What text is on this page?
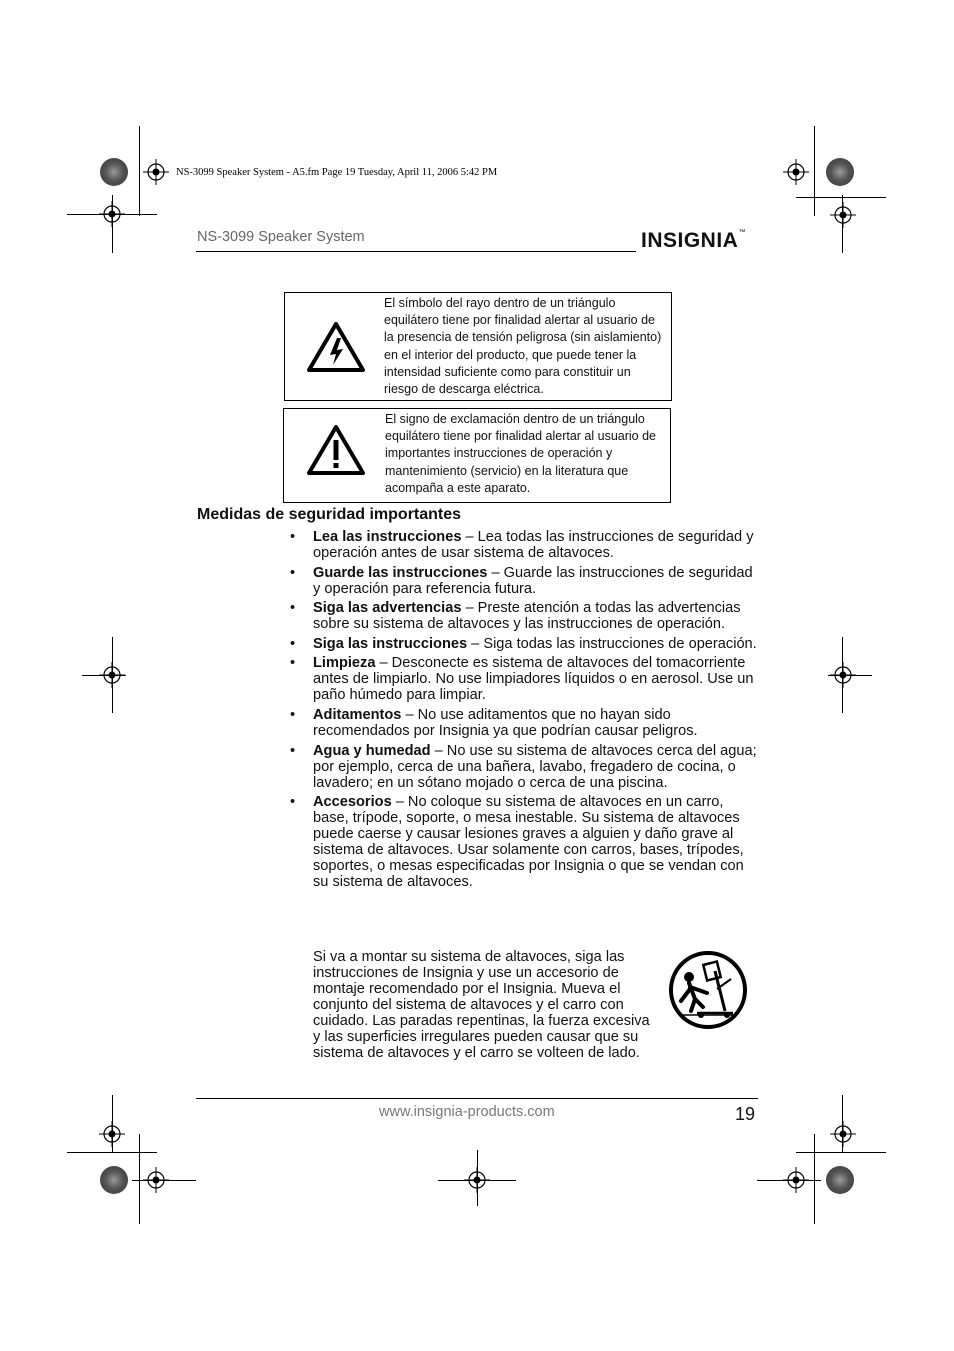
NS-3099 Speaker System - A5.fm Page 19 Tuesday, April 11, 2006 5:42 PM
NS-3099 Speaker System	INSIGNIA™
El símbolo del rayo dentro de un triángulo equilátero tiene por finalidad alertar al usuario de la presencia de tensión peligrosa (sin aislamiento) en el interior del producto, que puede tener la intensidad suficiente como para constituir un riesgo de descarga eléctrica.
El signo de exclamación dentro de un triángulo equilátero tiene por finalidad alertar al usuario de importantes instrucciones de operación y mantenimiento (servicio) en la literatura que acompaña a este aparato.
Medidas de seguridad importantes
• Lea las instrucciones – Lea todas las instrucciones de seguridad y operación antes de usar sistema de altavoces.
• Guarde las instrucciones – Guarde las instrucciones de seguridad y operación para referencia futura.
• Siga las advertencias – Preste atención a todas las advertencias sobre su sistema de altavoces y las instrucciones de operación.
• Siga las instrucciones – Siga todas las instrucciones de operación.
• Limpieza – Desconecte es sistema de altavoces del tomacorriente antes de limpiarlo. No use limpiadores líquidos o en aerosol. Use un paño húmedo para limpiar.
• Aditamentos – No use aditamentos que no hayan sido recomendados por Insignia ya que podrían causar peligros.
• Agua y humedad – No use su sistema de altavoces cerca del agua; por ejemplo, cerca de una bañera, lavabo, fregadero de cocina, o lavadero; en un sótano mojado o cerca de una piscina.
• Accesorios – No coloque su sistema de altavoces en un carro, base, trípode, soporte, o mesa inestable. Su sistema de altavoces puede caerse y causar lesiones graves a alguien y daño grave al sistema de altavoces. Usar solamente con carros, bases, trípodes, soportes, o mesas especificadas por Insignia o que se vendan con su sistema de altavoces.
Si va a montar su sistema de altavoces, siga las instrucciones de Insignia y use un accesorio de montaje recomendado por el Insignia. Mueva el conjunto del sistema de altavoces y el carro con cuidado. Las paradas repentinas, la fuerza excesiva y las superficies irregulares pueden causar que su sistema de altavoces y el carro se volteen de lado.
www.insignia-products.com	19
